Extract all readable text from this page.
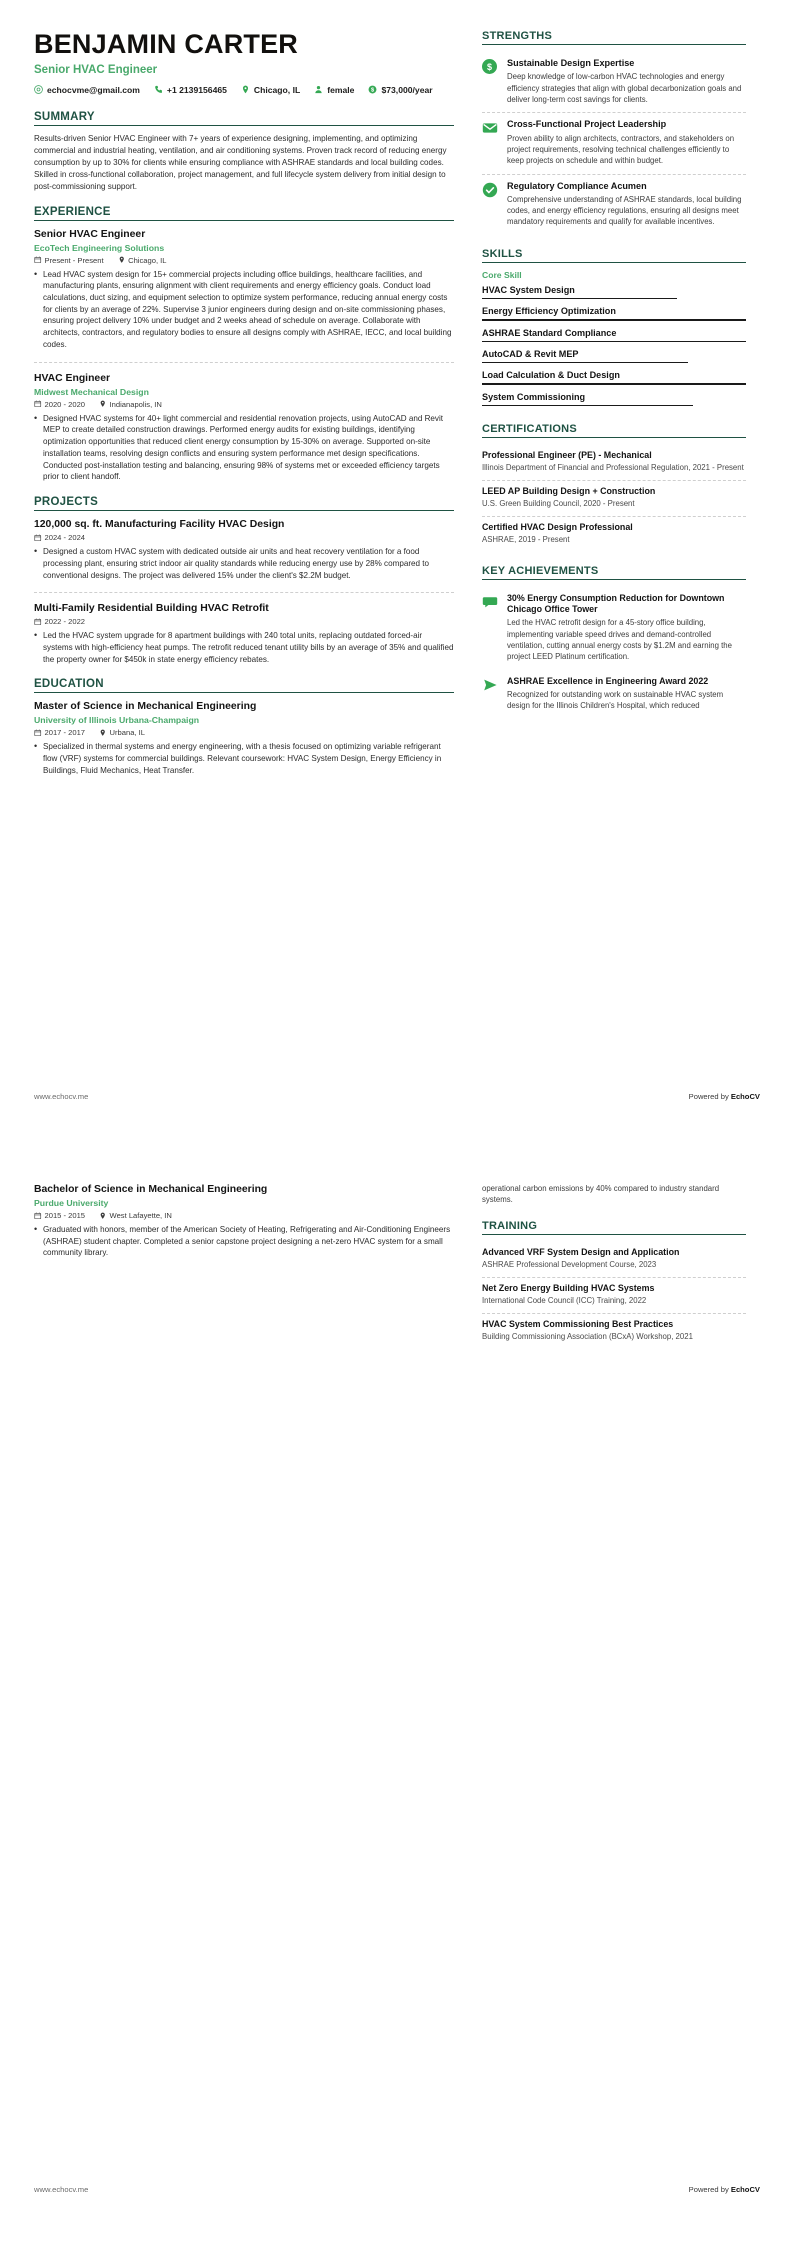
BENJAMIN CARTER
Senior HVAC Engineer
echocvme@gmail.com	+1 2139156465	Chicago, IL	female $ $73,000/year
SUMMARY
Results-driven Senior HVAC Engineer with 7+ years of experience designing, implementing, and optimizing commercial and industrial heating, ventilation, and air conditioning systems. Proven track record of reducing energy consumption by up to 30% for clients while ensuring compliance with ASHRAE standards and local building codes. Skilled in cross-functional collaboration, project management, and full lifecycle system delivery from initial design to post-commissioning support.
EXPERIENCE
Senior HVAC Engineer
EcoTech Engineering Solutions
Present - Present	Chicago, IL
• Lead HVAC system design for 15+ commercial projects including office buildings, healthcare facilities, and manufacturing plants, ensuring alignment with client requirements and energy efficiency goals. Conduct load calculations, duct sizing, and equipment selection to optimize system performance, reducing annual energy costs for clients by an average of 22%. Supervise 3 junior engineers during design and on-site commissioning phases, ensuring project delivery 10% under budget and 2 weeks ahead of schedule on average. Collaborate with architects, contractors, and regulatory bodies to ensure all designs comply with ASHRAE, IECC, and local building codes.
HVAC Engineer
Midwest Mechanical Design
2020 - 2020	Indianapolis, IN
• Designed HVAC systems for 40+ light commercial and residential renovation projects, using AutoCAD and Revit MEP to create detailed construction drawings. Performed energy audits for existing buildings, identifying optimization opportunities that reduced client energy consumption by 15-30% on average. Supported on-site installation teams, resolving design conflicts and ensuring system performance met design specifications. Conducted post-installation testing and balancing, ensuring 98% of systems met or exceeded efficiency targets prior to client handoff.
PROJECTS
120,000 sq. ft. Manufacturing Facility HVAC Design
2024 - 2024
• Designed a custom HVAC system with dedicated outside air units and heat recovery ventilation for a food processing plant, ensuring strict indoor air quality standards while reducing energy use by 28% compared to conventional designs. The project was delivered 15% under the client's $2.2M budget.
Multi-Family Residential Building HVAC Retrofit
2022 - 2022
• Led the HVAC system upgrade for 8 apartment buildings with 240 total units, replacing outdated forced-air systems with high-efficiency heat pumps. The retrofit reduced tenant utility bills by an average of 35% and qualified the property owner for $450k in state energy efficiency rebates.
EDUCATION
Master of Science in Mechanical Engineering
University of Illinois Urbana-Champaign
2017 - 2017	Urbana, IL
• Specialized in thermal systems and energy engineering, with a thesis focused on optimizing variable refrigerant flow (VRF) systems for commercial buildings. Relevant coursework: HVAC System Design, Energy Efficiency in Buildings, Fluid Mechanics, Heat Transfer.
STRENGTHS
$	Sustainable Design Expertise
Deep knowledge of low-carbon HVAC technologies and energy efficiency strategies that align with global decarbonization goals and deliver long-term cost savings for clients.
Cross-Functional Project Leadership
Proven ability to align architects, contractors, and stakeholders on project requirements, resolving technical challenges efficiently to keep projects on schedule and within budget.
Regulatory Compliance Acumen
Comprehensive understanding of ASHRAE standards, local building codes, and energy efficiency regulations, ensuring all designs meet mandatory requirements and qualify for available incentives.
SKILLS
Core Skill
HVAC System Design
Energy Efficiency Optimization
ASHRAE Standard Compliance
AutoCAD & Revit MEP
Load Calculation & Duct Design
System Commissioning
CERTIFICATIONS
Professional Engineer (PE) - Mechanical
Illinois Department of Financial and Professional Regulation, 2021 - Present
LEED AP Building Design + Construction
U.S. Green Building Council, 2020 - Present
Certified HVAC Design Professional
ASHRAE, 2019 - Present
KEY ACHIEVEMENTS
30% Energy Consumption Reduction for Downtown Chicago Office Tower
Led the HVAC retrofit design for a 45-story office building, implementing variable speed drives and demand-controlled ventilation, cutting annual energy costs by $1.2M and earning the project LEED Platinum certification.
ASHRAE Excellence in Engineering Award 2022
Recognized for outstanding work on sustainable HVAC system design for the Illinois Children's Hospital, which reduced
www.echocv.me	Powered by EchoCV
Bachelor of Science in Mechanical Engineering
Purdue University
2015 - 2015	West Lafayette, IN
• Graduated with honors, member of the American Society of Heating, Refrigerating and Air-Conditioning Engineers (ASHRAE) student chapter. Completed a senior capstone project designing a net-zero HVAC system for a small community library.
operational carbon emissions by 40% compared to industry standard systems.
TRAINING
Advanced VRF System Design and Application
ASHRAE Professional Development Course, 2023
Net Zero Energy Building HVAC Systems
International Code Council (ICC) Training, 2022
HVAC System Commissioning Best Practices
Building Commissioning Association (BCxA) Workshop, 2021
www.echocv.me	Powered by EchoCV
